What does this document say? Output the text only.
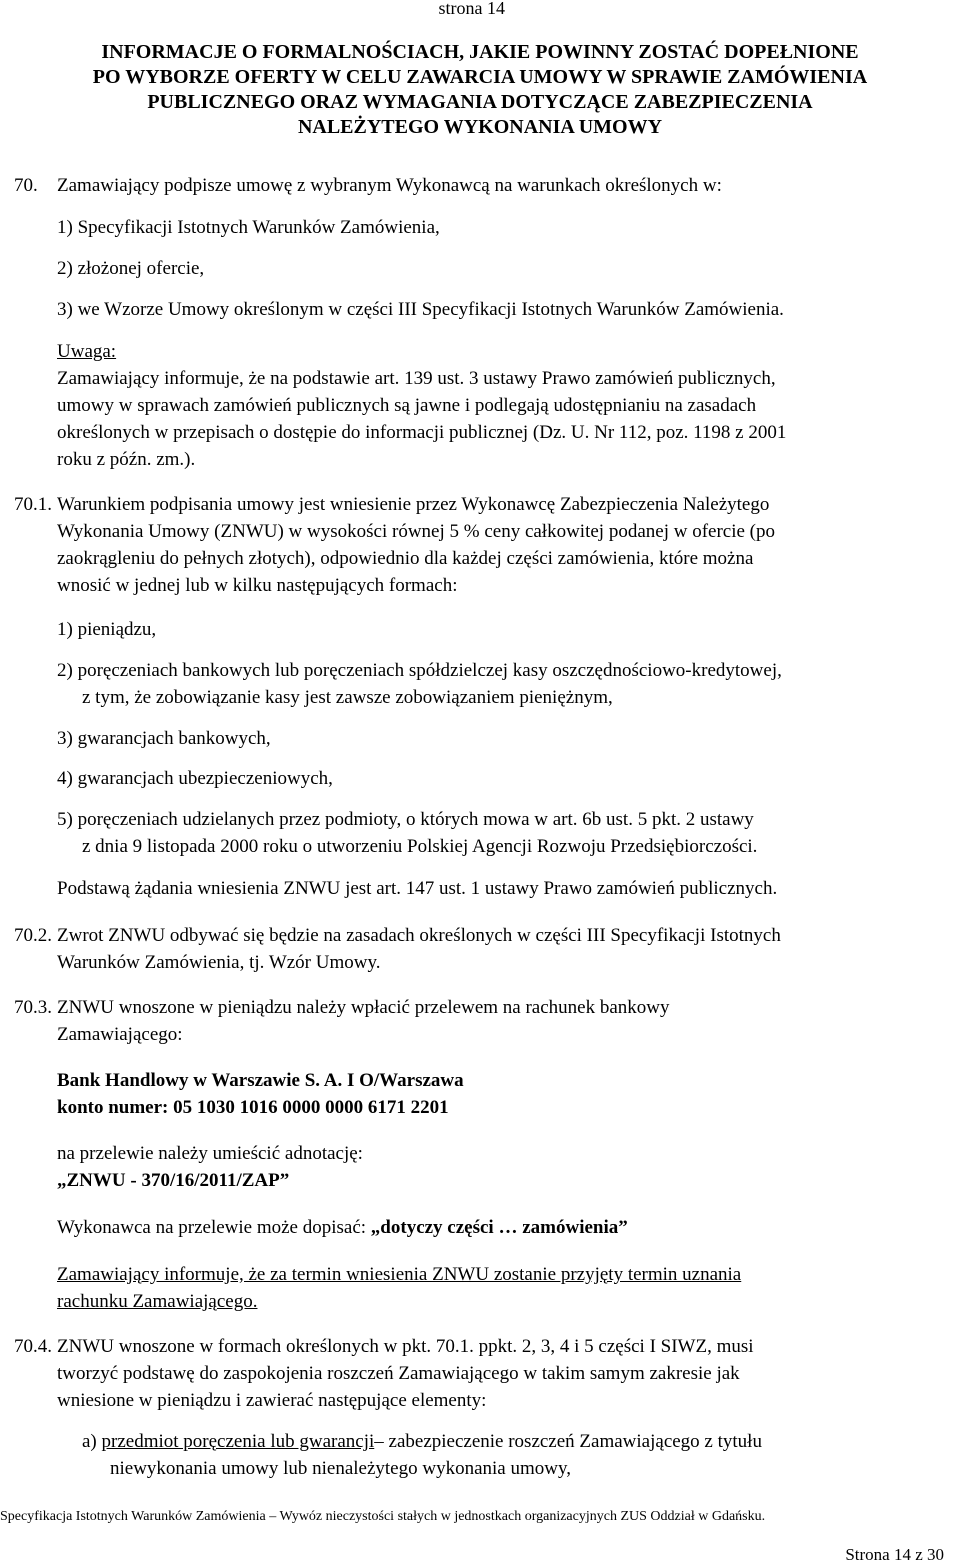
strona 14
INFORMACJE O FORMALNOŚCIACH, JAKIE POWINNY ZOSTAĆ DOPEŁNIONE
PO WYBORZE OFERTY W CELU ZAWARCIA UMOWY W SPRAWIE ZAMÓWIENIA
PUBLICZNEGO ORAZ WYMAGANIA DOTYCZĄCE ZABEZPIECZENIA
NALEŻYTEGO WYKONANIA UMOWY
70. Zamawiający podpisze umowę z wybranym Wykonawcą na warunkach określonych w:
1) Specyfikacji Istotnych Warunków Zamówienia,
2) złożonej ofercie,
3) we Wzorze Umowy określonym w części III Specyfikacji Istotnych Warunków Zamówienia.
Uwaga:
Zamawiający informuje, że na podstawie art. 139 ust. 3 ustawy Prawo zamówień publicznych,
umowy w sprawach zamówień publicznych są jawne i podlegają udostępnianiu na zasadach
określonych w przepisach o dostępie do informacji publicznej (Dz. U. Nr 112, poz. 1198 z 2001
roku z późn. zm.).
70.1. Warunkiem podpisania umowy jest wniesienie przez Wykonawcę Zabezpieczenia Należytego
Wykonania Umowy (ZNWU) w wysokości równej 5 % ceny całkowitej podanej w ofercie (po
zaokrągleniu do pełnych złotych), odpowiednio dla każdej części zamówienia, które można
wnosić w jednej lub w kilku następujących formach:
1) pieniądzu,
2) poręczeniach bankowych lub poręczeniach spółdzielczej kasy oszczędnościowo-kredytowej,
z tym, że zobowiązanie kasy jest zawsze zobowiązaniem pieniężnym,
3) gwarancjach bankowych,
4) gwarancjach ubezpieczeniowych,
5) poręczeniach udzielanych przez podmioty, o których mowa w art. 6b ust. 5 pkt. 2 ustawy
z dnia 9 listopada 2000 roku o utworzeniu Polskiej Agencji Rozwoju Przedsiębiorczości.
Podstawą żądania wniesienia ZNWU jest art. 147 ust. 1 ustawy Prawo zamówień publicznych.
70.2. Zwrot ZNWU odbywać się będzie na zasadach określonych w części III Specyfikacji Istotnych
Warunków Zamówienia, tj. Wzór Umowy.
70.3. ZNWU wnoszone w pieniądzu należy wpłacić przelewem na rachunek bankowy
Zamawiającego:
Bank Handlowy w Warszawie S. A. I O/Warszawa
konto numer: 05 1030 1016 0000 0000 6171 2201
na przelewie należy umieścić adnotację:
„ZNWU - 370/16/2011/ZAP”
Wykonawca na przelewie może dopisać: „dotyczy części … zamówienia”
Zamawiający informuje, że za termin wniesienia ZNWU zostanie przyjęty termin uznania
rachunku Zamawiającego.
70.4. ZNWU wnoszone w formach określonych w pkt. 70.1. ppkt. 2, 3, 4 i 5 części I SIWZ, musi
tworzyć podstawę do zaspokojenia roszczeń Zamawiającego w takim samym zakresie jak
wniesione w pieniądzu i zawierać następujące elementy:
a) przedmiot poręczenia lub gwarancji– zabezpieczenie roszczeń Zamawiającego z tytułu
niewykonania umowy lub nienależytego wykonania umowy,
Specyfikacja Istotnych Warunków Zamówienia – Wywóz nieczystości stałych w jednostkach organizacyjnych ZUS Oddział w Gdańsku.
Strona 14 z 30
